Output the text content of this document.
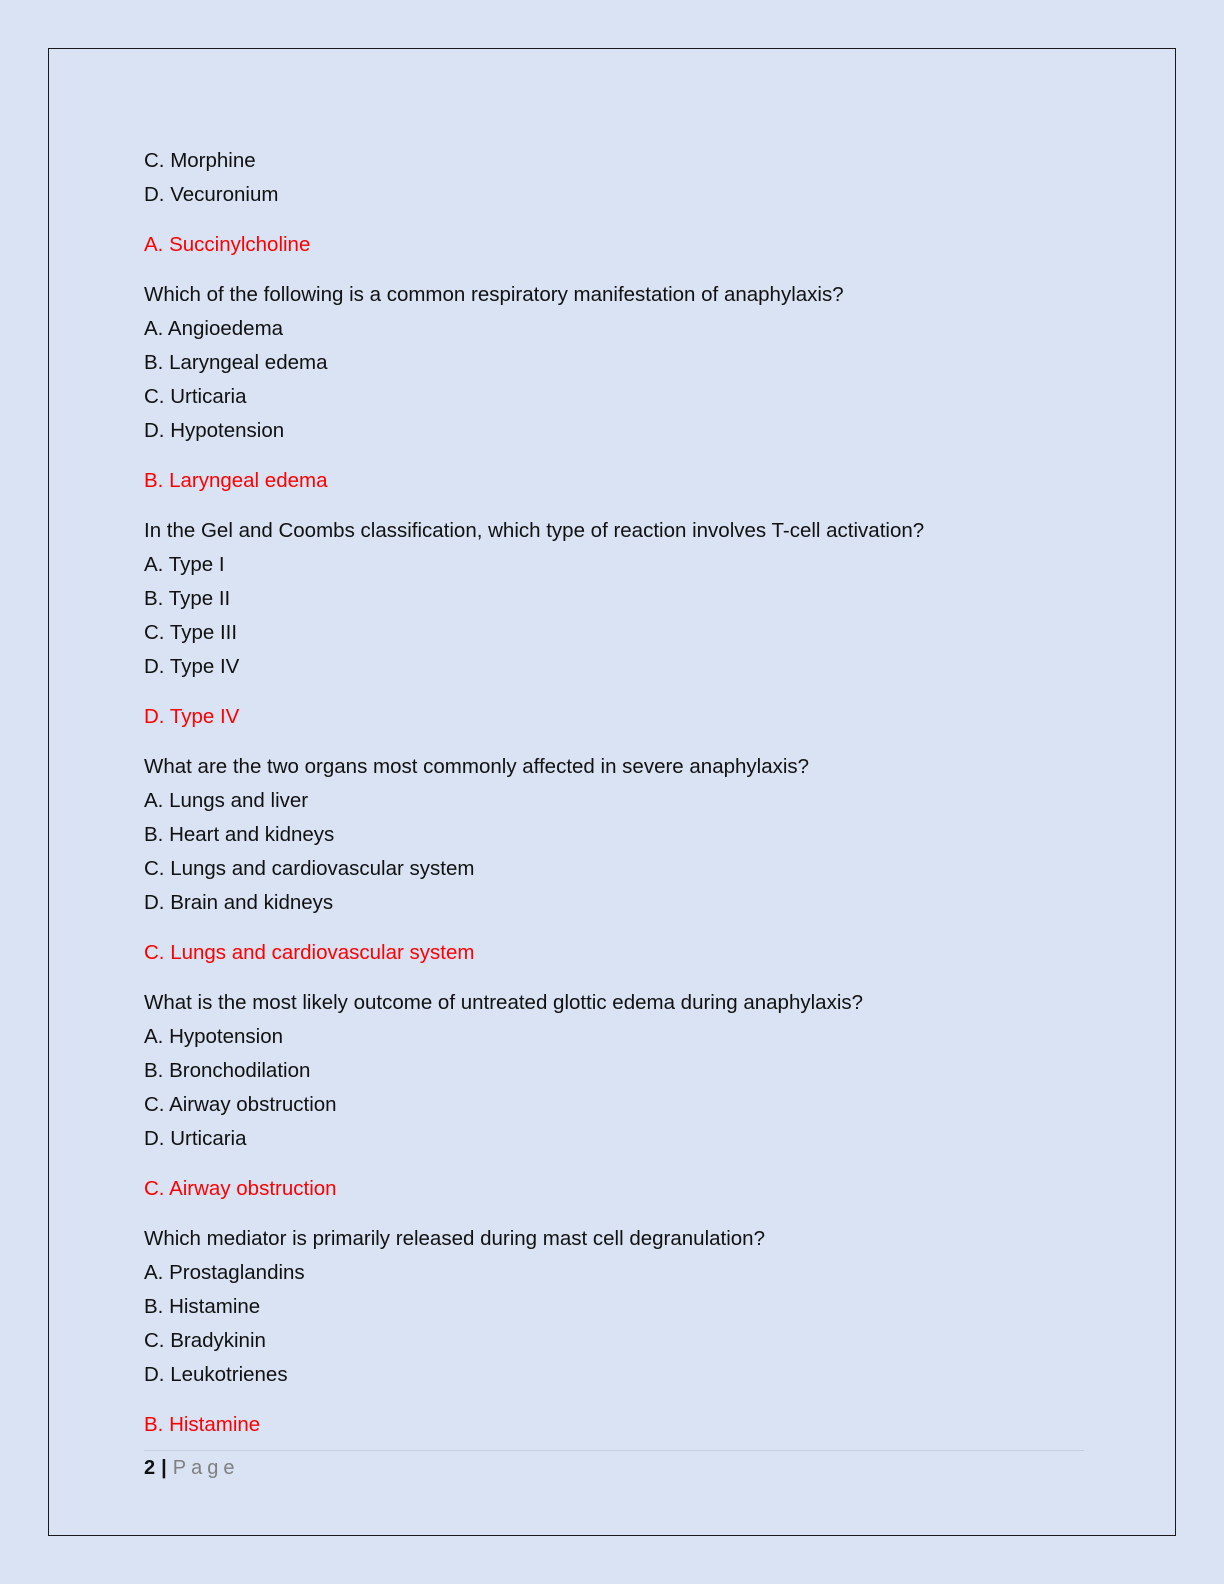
C. Morphine
D. Vecuronium
A. Succinylcholine
Which of the following is a common respiratory manifestation of anaphylaxis?
A. Angioedema
B. Laryngeal edema
C. Urticaria
D. Hypotension
B. Laryngeal edema
In the Gel and Coombs classification, which type of reaction involves T-cell activation?
A. Type I
B. Type II
C. Type III
D. Type IV
D. Type IV
What are the two organs most commonly affected in severe anaphylaxis?
A. Lungs and liver
B. Heart and kidneys
C. Lungs and cardiovascular system
D. Brain and kidneys
C. Lungs and cardiovascular system
What is the most likely outcome of untreated glottic edema during anaphylaxis?
A. Hypotension
B. Bronchodilation
C. Airway obstruction
D. Urticaria
C. Airway obstruction
Which mediator is primarily released during mast cell degranulation?
A. Prostaglandins
B. Histamine
C. Bradykinin
D. Leukotrienes
B. Histamine
2 | Page
